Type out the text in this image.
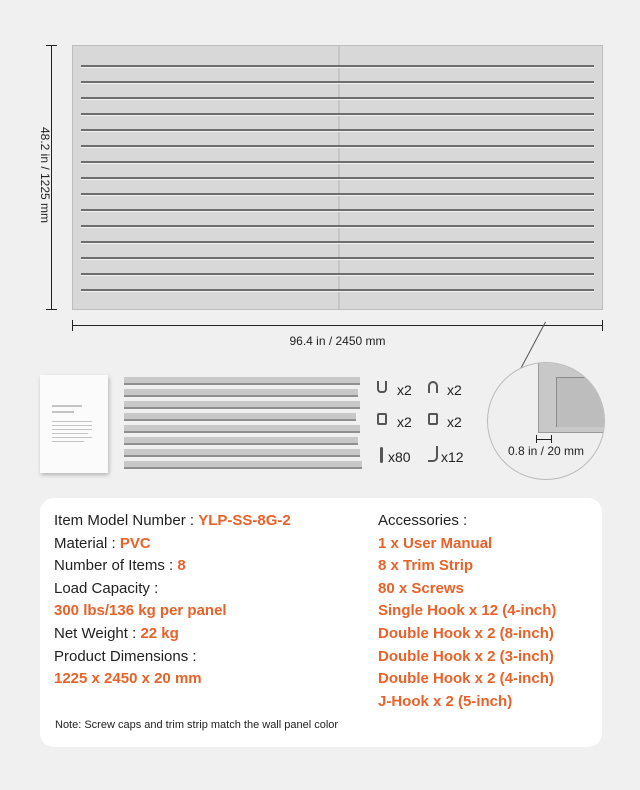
48.2 in / 1225 mm
96.4 in / 2450 mm
x2	x2
x2	x2
x80 x12	0.8 in / 20 mm
Item Model Number : YLP-SS-8G-2
Material : PVC
Number of Items : 8
Load Capacity :
300 lbs/136 kg per panel
Net Weight : 22 kg
Product Dimensions :
1225 x 2450 x 20 mm
Accessories :
1 x User Manual
8 x Trim Strip
80 x Screws
Single Hook x 12 (4-inch)
Double Hook x 2 (8-inch)
Double Hook x 2 (3-inch)
Double Hook x 2 (4-inch)
J-Hook x 2 (5-inch)
Note: Screw caps and trim strip match the wall panel color
